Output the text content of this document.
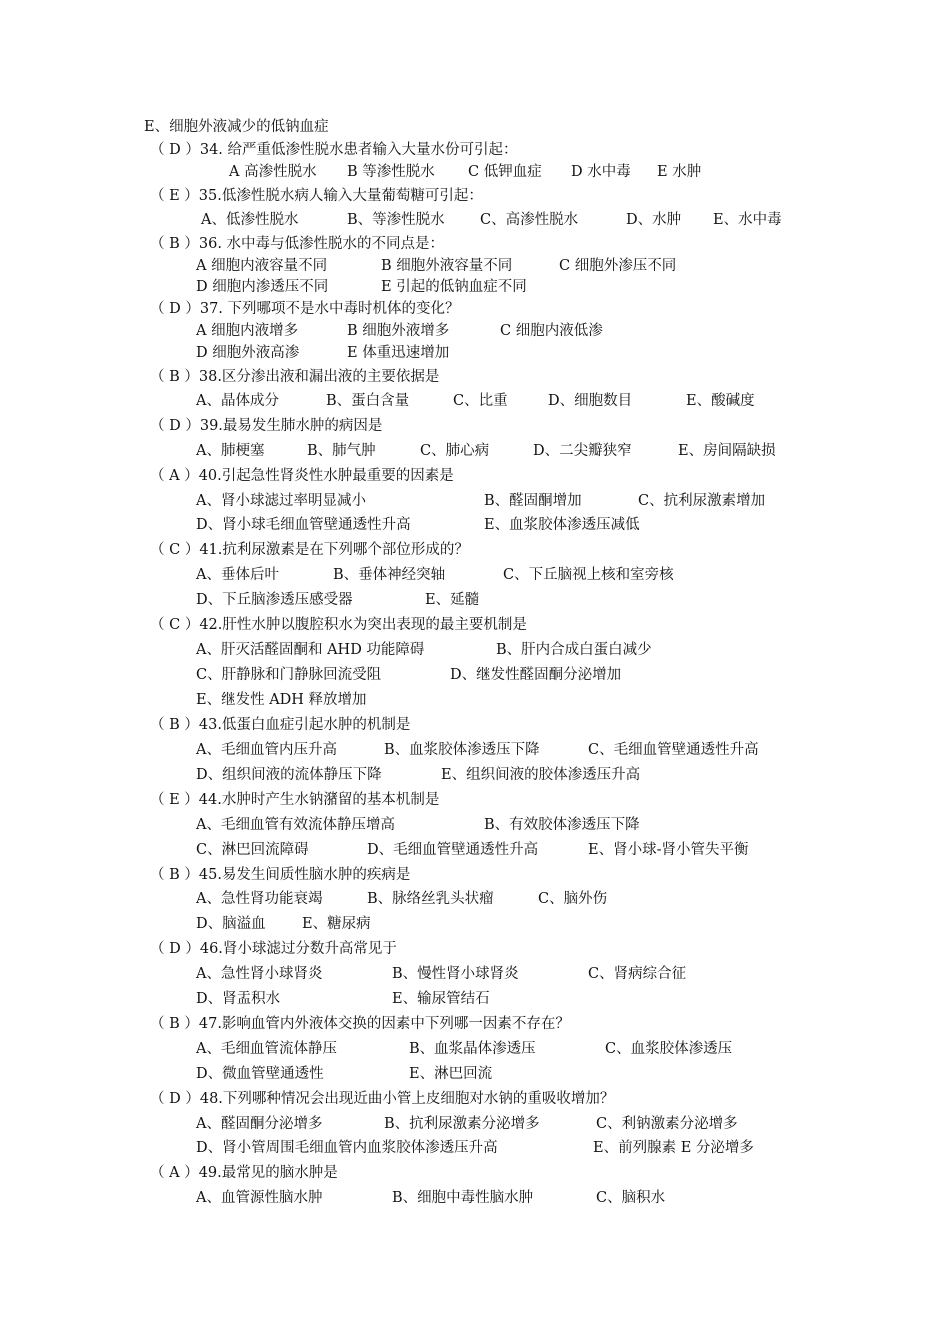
E、细胞外液减少的低钠血症
（ D ）34. 给严重低渗性脱水患者输入大量水份可引起：
A 高渗性脱水 B 等渗性脱水 C 低钾血症 D 水中毒 E 水肿
（ E ）35.低渗性脱水病人输入大量葡萄糖可引起：
A、低渗性脱水	B、等渗性脱水 C、高渗性脱水	D、水肿 E、水中毒
（ B ）36. 水中毒与低渗性脱水的不同点是：
A 细胞内液容量不同	B 细胞外液容量不同	C 细胞外渗压不同
D 细胞内渗透压不同	E 引起的低钠血症不同
（ D ）37. 下列哪项不是水中毒时机体的变化？
A 细胞内液增多	B 细胞外液增多	C 细胞内液低渗
D 细胞外液高渗	E 体重迅速增加
（ B ）38.区分渗出液和漏出液的主要依据是
A、晶体成分	B、蛋白含量	C、比重	D、细胞数目	E、酸碱度
（ D ）39.最易发生肺水肿的病因是
A、肺梗塞	B、肺气肿	C、肺心病	D、二尖瓣狭窄	E、房间隔缺损
（ A ）40.引起急性肾炎性水肿最重要的因素是
A、肾小球滤过率明显减小	B、醛固酮增加	C、抗利尿激素增加
D、肾小球毛细血管壁通透性升高	E、血浆胶体渗透压减低
（ C ）41.抗利尿激素是在下列哪个部位形成的？
A、垂体后叶	B、垂体神经突轴	C、下丘脑视上核和室旁核
D、下丘脑渗透压感受器	E、延髓
（ C ）42.肝性水肿以腹腔积水为突出表现的最主要机制是
A、肝灭活醛固酮和 AHD 功能障碍	B、肝内合成白蛋白减少
C、肝静脉和门静脉回流受阻	D、继发性醛固酮分泌增加
E、继发性 ADH 释放增加
（ B ）43.低蛋白血症引起水肿的机制是
A、毛细血管内压升高	B、血浆胶体渗透压下降	C、毛细血管壁通透性升高
D、组织间液的流体静压下降	E、组织间液的胶体渗透压升高
（ E ）44.水肿时产生水钠潴留的基本机制是
A、毛细血管有效流体静压增高	B、有效胶体渗透压下降
C、淋巴回流障碍	D、毛细血管壁通透性升高	E、肾小球-肾小管失平衡
（ B ）45.易发生间质性脑水肿的疾病是
A、急性肾功能衰竭	B、脉络丝乳头状瘤	C、脑外伤
D、脑溢血	E、糖尿病
（ D ）46.肾小球滤过分数升高常见于
A、急性肾小球肾炎	B、慢性肾小球肾炎	C、肾病综合征
D、肾盂积水	E、输尿管结石
（ B ）47.影响血管内外液体交换的因素中下列哪一因素不存在？
A、毛细血管流体静压	B、血浆晶体渗透压	C、血浆胶体渗透压
D、微血管壁通透性	E、淋巴回流
（ D ）48.下列哪种情况会出现近曲小管上皮细胞对水钠的重吸收增加？
A、醛固酮分泌增多	B、抗利尿激素分泌增多	C、利钠激素分泌增多
D、肾小管周围毛细血管内血浆胶体渗透压升高	E、前列腺素 E 分泌增多
（ A ）49.最常见的脑水肿是
A、血管源性脑水肿	B、细胞中毒性脑水肿	C、脑积水
